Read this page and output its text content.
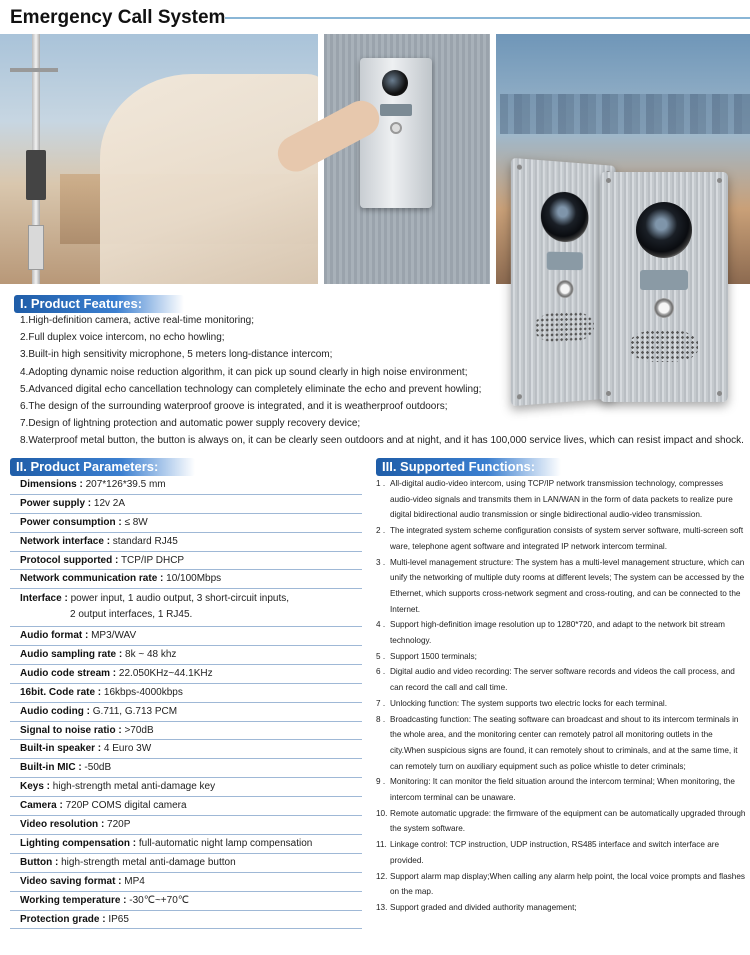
Emergency Call System
I. Product Features:
1.High-definition camera, active real-time monitoring;
2.Full duplex voice intercom, no echo howling;
3.Built-in high sensitivity microphone, 5 meters long-distance intercom;
4.Adopting dynamic noise reduction algorithm, it can pick up sound clearly in high noise environment;
5.Advanced digital echo cancellation technology can completely eliminate the echo and prevent howling;
6.The design of the surrounding waterproof groove is integrated, and it is weatherproof outdoors;
7.Design of lightning protection and automatic power supply recovery device;
8.Waterproof metal button, the button is always on, it can be clearly seen outdoors and at night, and it has 100,000 service lives, which can resist impact and shock.
II. Product Parameters:
Dimensions : 207*126*39.5 mm
Power supply : 12v 2A
Power consumption : ≤ 8W
Network interface : standard RJ45
Protocol supported : TCP/IP DHCP
Network communication rate : 10/100Mbps
Interface : power input, 1 audio output, 3 short-circuit inputs,
2 output interfaces, 1 RJ45.
Audio format : MP3/WAV
Audio sampling rate : 8k ~ 48 khz
Audio code stream : 22.050KHz~44.1KHz
16bit. Code rate : 16kbps-4000kbps
Audio coding : G.711, G.713 PCM
Signal to noise ratio : >70dB
Built-in speaker : 4 Euro 3W
Built-in MIC : -50dB
Keys : high-strength metal anti-damage key
Camera : 720P COMS digital camera
Video resolution : 720P
Lighting compensation : full-automatic night lamp compensation
Button : high-strength metal anti-damage button
Video saving format : MP4
Working temperature : -30℃~+70℃
Protection grade : IP65
III. Supported Functions:
1 . All-digital audio-video intercom, using TCP/IP network transmission technology, compresses audio-video signals and transmits them in LAN/WAN in the form of data packets to realize pure digital bidirectional audio transmission or single bidirectional audio-video transmission.
2 . The integrated system scheme configuration consists of system server software, multi-screen soft ware, telephone agent software and integrated IP network intercom terminal.
3 . Multi-level management structure: The system has a multi-level management structure, which can unify the networking of multiple duty rooms at different levels; The system can be accessed by the Ethernet, which supports cross-network segment and cross-routing, and can be connected to the Internet.
4 . Support high-definition image resolution up to 1280*720, and adapt to the network bit stream technology.
5 . Support 1500 terminals;
6 . Digital audio and video recording: The server software records and videos the call process, and can record the call and call time.
7 . Unlocking function: The system supports two electric locks for each terminal.
8 . Broadcasting function: The seating software can broadcast and shout to its intercom terminals in the whole area, and the monitoring center can remotely patrol all monitoring outlets in the city.When suspicious signs are found, it can remotely shout to criminals, and at the same time, it can remotely turn on auxiliary equipment such as police whistle to deter criminals;
9 . Monitoring: It can monitor the field situation around the intercom terminal; When monitoring, the intercom terminal can be unaware.
10. Remote automatic upgrade: the firmware of the equipment can be automatically upgraded through the system software.
11. Linkage control: TCP instruction, UDP instruction, RS485 interface and switch interface are provided.
12. Support alarm map display;When calling any alarm help point, the local voice prompts and flashes on the map.
13. Support graded and divided authority management;
